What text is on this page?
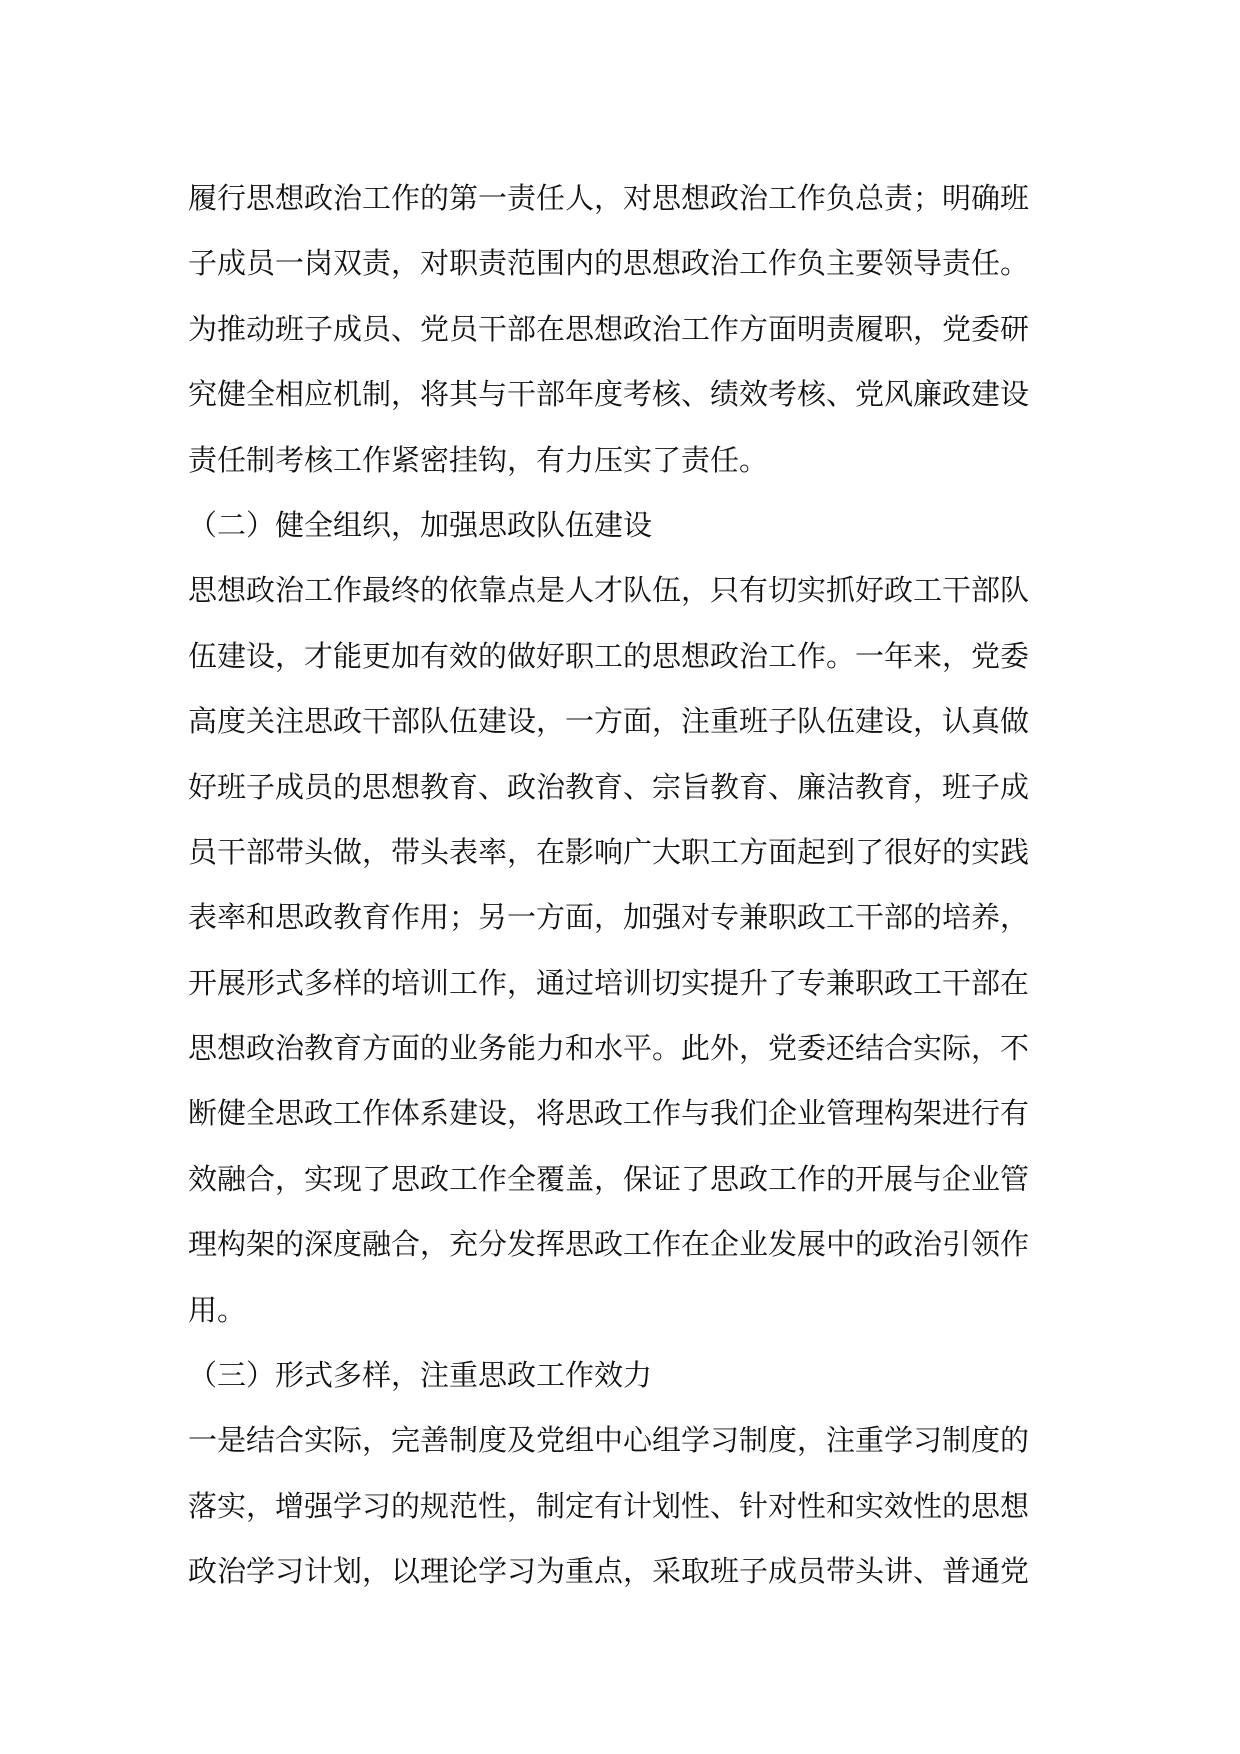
履行思想政治工作的第一责任人，对思想政治工作负总责；明确班
子成员一岗双责，对职责范围内的思想政治工作负主要领导责任。
为推动班子成员、党员干部在思想政治工作方面明责履职，党委研
究健全相应机制，将其与干部年度考核、绩效考核、党风廉政建设
责任制考核工作紧密挂钩，有力压实了责任。
（二）健全组织，加强思政队伍建设
思想政治工作最终的依靠点是人才队伍，只有切实抓好政工干部队
伍建设，才能更加有效的做好职工的思想政治工作。一年来，党委
高度关注思政干部队伍建设，一方面，注重班子队伍建设，认真做
好班子成员的思想教育、政治教育、宗旨教育、廉洁教育，班子成
员干部带头做，带头表率，在影响广大职工方面起到了很好的实践
表率和思政教育作用；另一方面，加强对专兼职政工干部的培养，
开展形式多样的培训工作，通过培训切实提升了专兼职政工干部在
思想政治教育方面的业务能力和水平。此外，党委还结合实际，不
断健全思政工作体系建设，将思政工作与我们企业管理构架进行有
效融合，实现了思政工作全覆盖，保证了思政工作的开展与企业管
理构架的深度融合，充分发挥思政工作在企业发展中的政治引领作
用。
（三）形式多样，注重思政工作效力
一是结合实际，完善制度及党组中心组学习制度，注重学习制度的
落实，增强学习的规范性，制定有计划性、针对性和实效性的思想
政治学习计划，以理论学习为重点，采取班子成员带头讲、普通党
